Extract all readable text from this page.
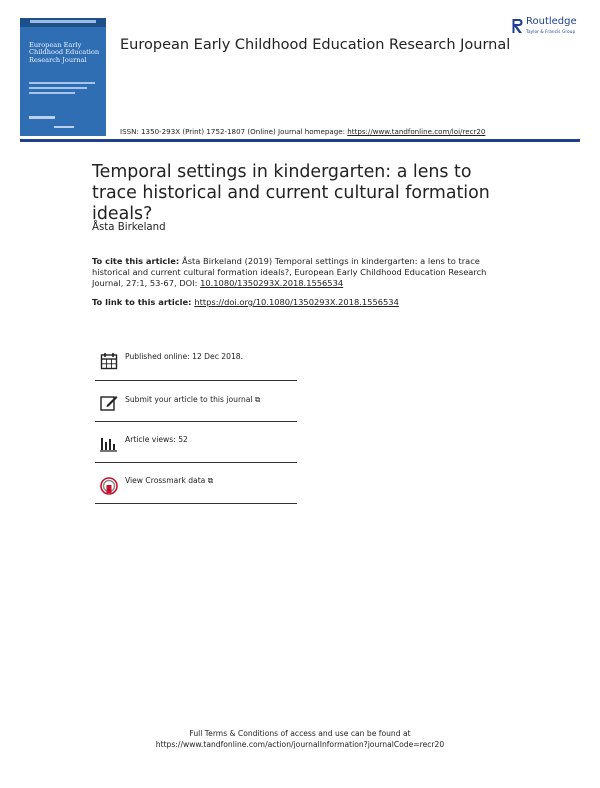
European Early Childhood Education Research Journal
European Early Childhood Education Research Journal
Routledge
Taylor & Francis Group
ISSN: 1350-293X (Print) 1752-1807 (Online) Journal homepage: https://www.tandfonline.com/loi/recr20
Temporal settings in kindergarten: a lens to trace historical and current cultural formation ideals?
Åsta Birkeland
To cite this article: Åsta Birkeland (2019) Temporal settings in kindergarten: a lens to trace historical and current cultural formation ideals?, European Early Childhood Education Research Journal, 27:1, 53-67, DOI: 10.1080/1350293X.2018.1556534
To link to this article: https://doi.org/10.1080/1350293X.2018.1556534
Published online: 12 Dec 2018.
Submit your article to this journal ⧉
Article views: 52
View Crossmark data ⧉
Full Terms & Conditions of access and use can be found at
https://www.tandfonline.com/action/journalInformation?journalCode=recr20
